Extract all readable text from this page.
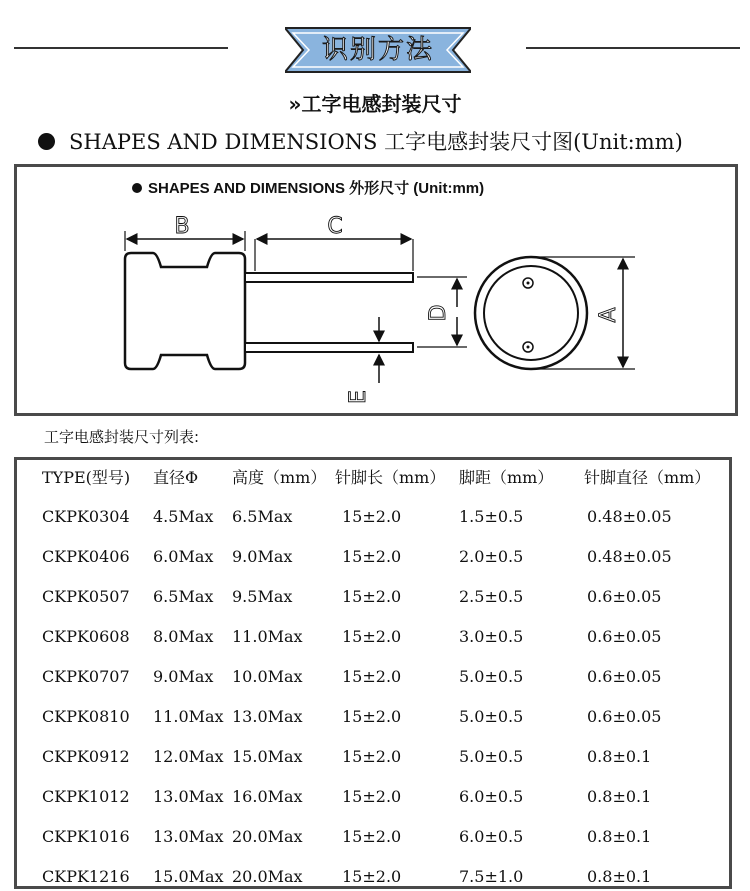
识别方法
»工字电感封装尺寸
SHAPES AND DIMENSIONS 工字电感封装尺寸图(Unit:mm)
B	C
D
E
A
SHAPES AND DIMENSIONS 外形尺寸 (Unit:mm)
工字电感封装尺寸列表:
TYPE(型号) 直径Φ 高度（mm） 针脚长（mm） 脚距（mm） 针脚直径（mm）
CKPK0304 4.5Max 6.5Max	15±2.0	1.5±0.5	0.48±0.05
CKPK0406 6.0Max 9.0Max	15±2.0	2.0±0.5	0.48±0.05
CKPK0507 6.5Max 9.5Max	15±2.0	2.5±0.5	0.6±0.05
CKPK0608 8.0Max 11.0Max 15±2.0	3.0±0.5	0.6±0.05
CKPK0707 9.0Max 10.0Max 15±2.0	5.0±0.5	0.6±0.05
CKPK0810 11.0Max 13.0Max 15±2.0	5.0±0.5	0.6±0.05
CKPK0912 12.0Max 15.0Max 15±2.0	5.0±0.5	0.8±0.1
CKPK1012 13.0Max 16.0Max 15±2.0	6.0±0.5	0.8±0.1
CKPK1016 13.0Max 20.0Max 15±2.0	6.0±0.5	0.8±0.1
CKPK1216 15.0Max 20.0Max 15±2.0	7.5±1.0	0.8±0.1
